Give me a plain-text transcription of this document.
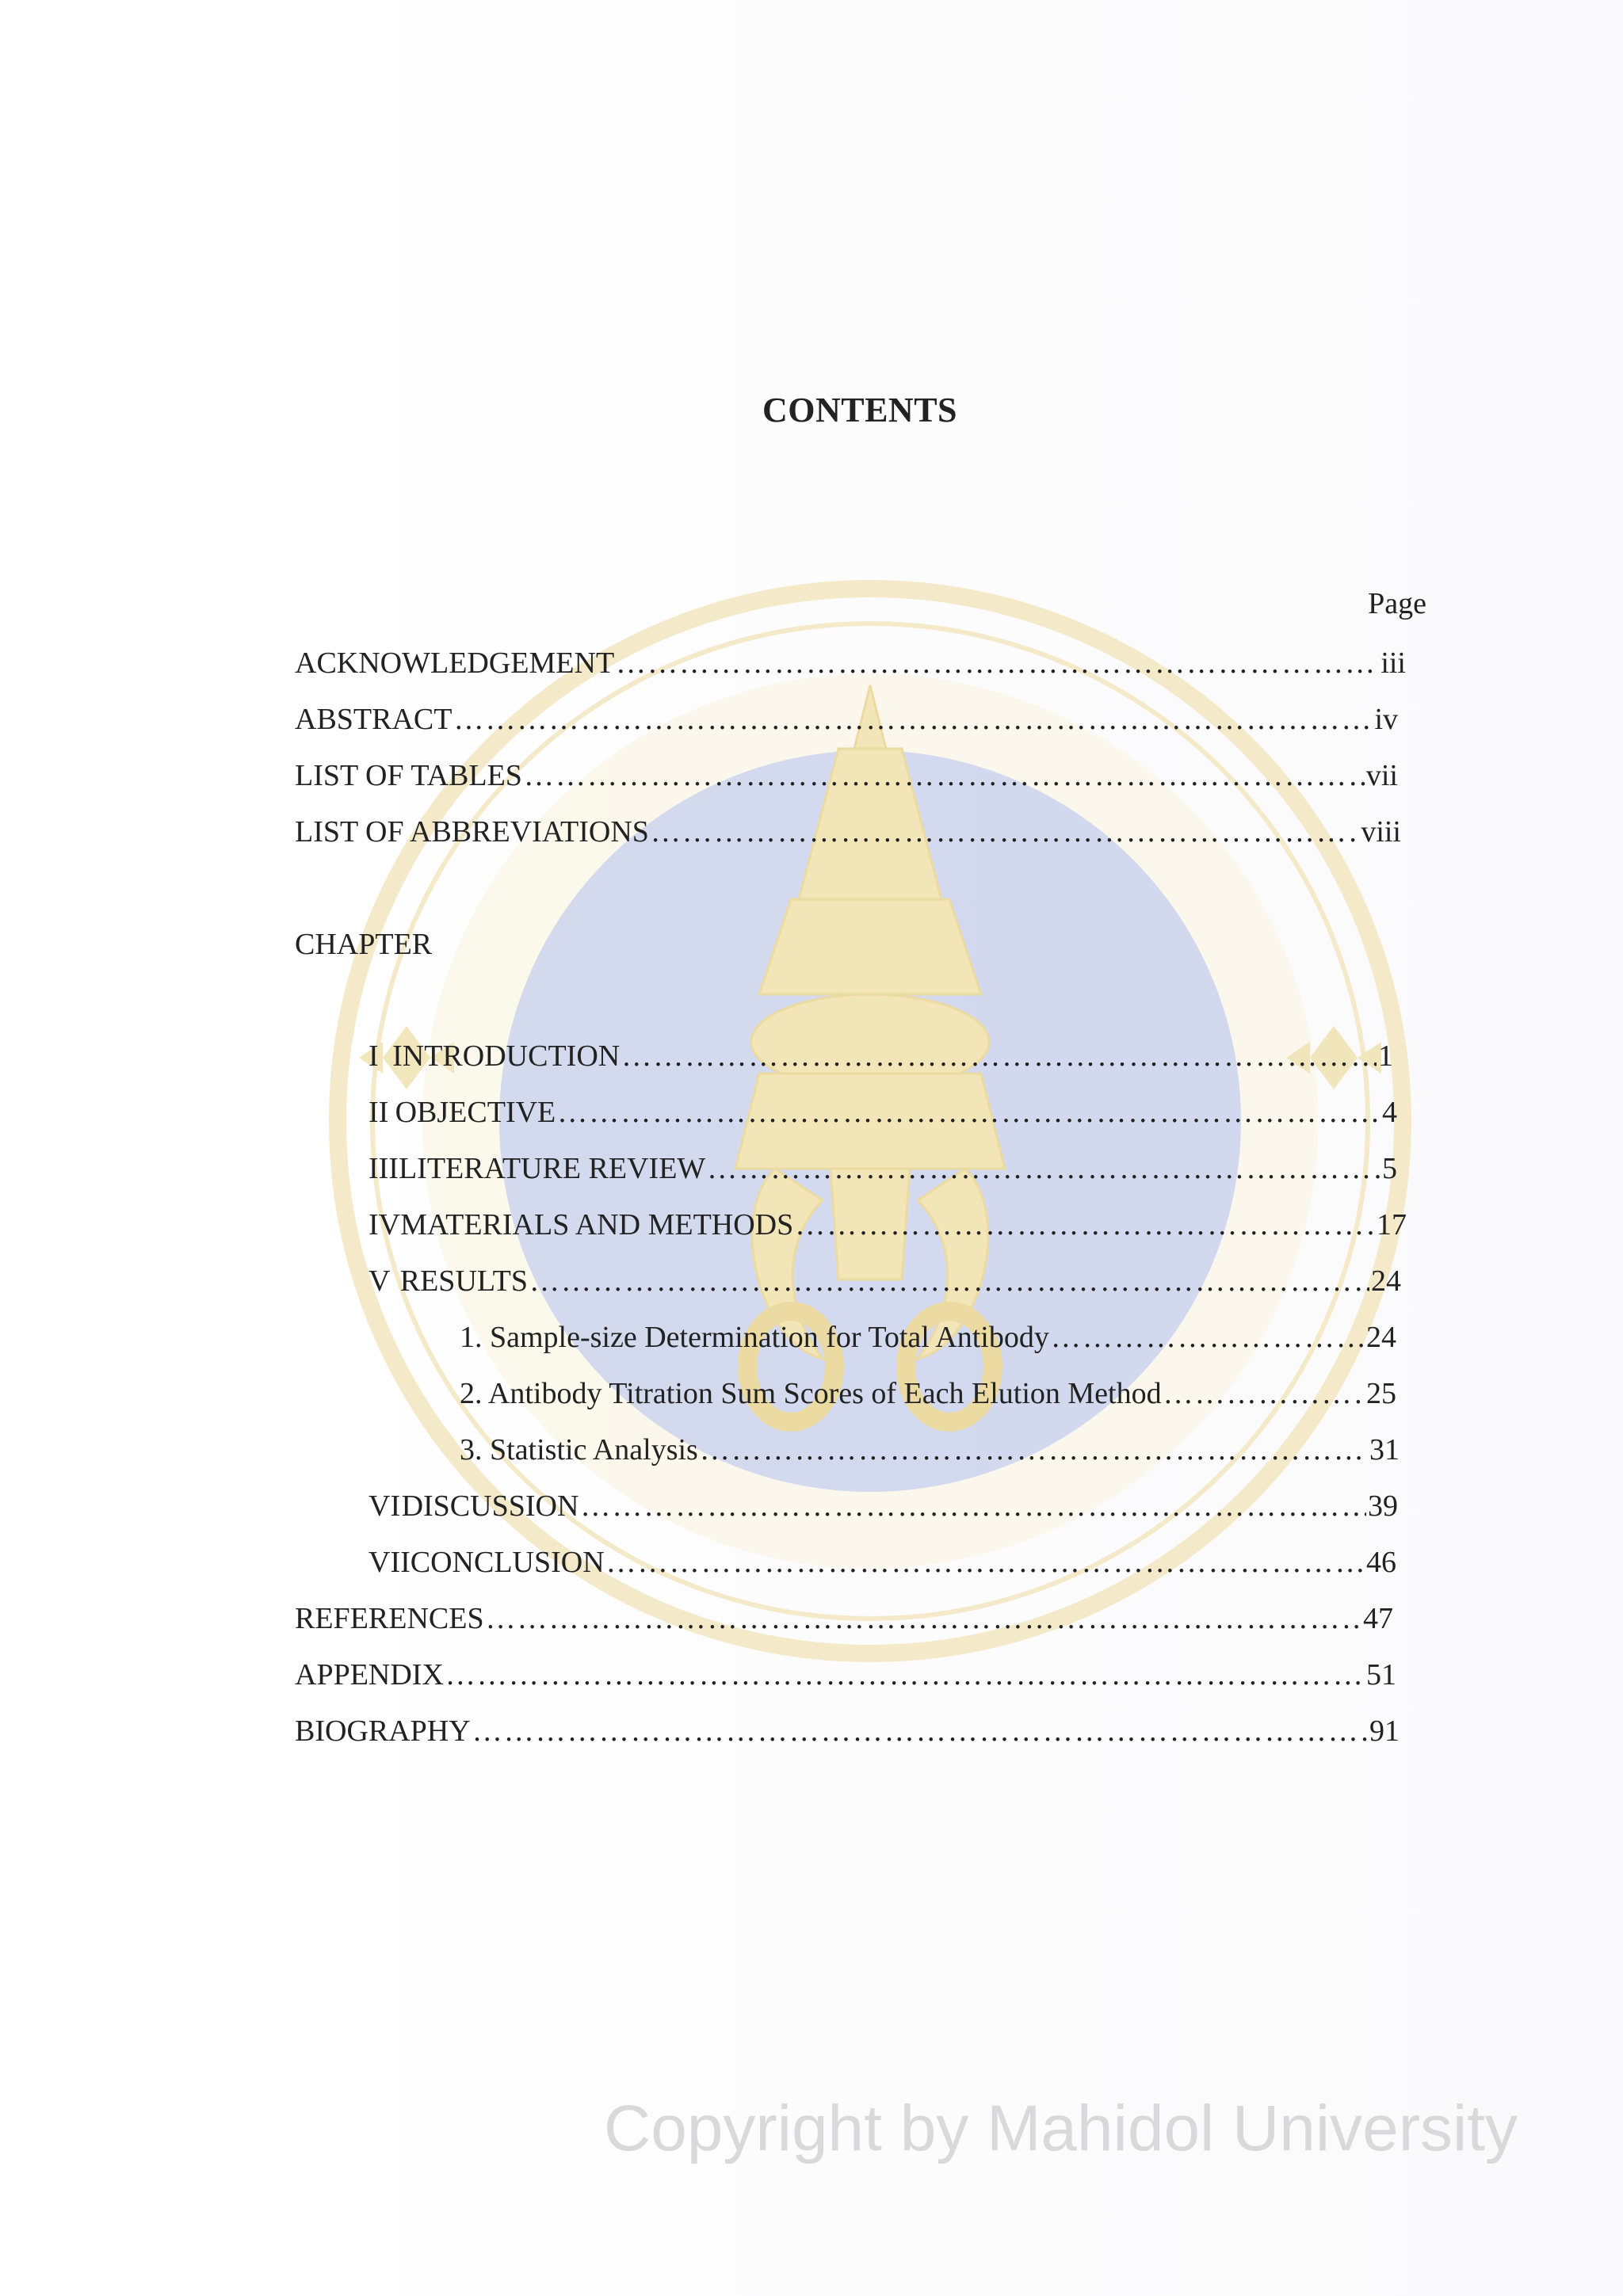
CONTENTS
Page
ACKNOWLEDGEMENT ……………………………………………………………………………………………………………………………………………………………………………………	iii
ABSTRACT ……………………………………………………………………………………………………………………………………………………………………………………	iv
LIST OF TABLES ……………………………………………………………………………………………………………………………………………………………………………………	vii
LIST OF ABBREVIATIONS ……………………………………………………………………………………………………………………………………………………………………………………	viii
CHAPTER
I INTRODUCTION ……………………………………………………………………………………………………………………………………………………………………………………	1
II OBJECTIVE ……………………………………………………………………………………………………………………………………………………………………………………	4
III LITERATURE REVIEW ……………………………………………………………………………………………………………………………………………………………………………………	5
IV MATERIALS AND METHODS ……………………………………………………………………………………………………………………………………………………………………………………	17
V RESULTS ……………………………………………………………………………………………………………………………………………………………………………………	24
1. Sample-size Determination for Total Antibody ……………………………………………………………………………………………………………………………………………………………………………………	24
2. Antibody Titration Sum Scores of Each Elution Method ……………………………………………………………………………………………………………………………………………………………………………………	25
3. Statistic Analysis ……………………………………………………………………………………………………………………………………………………………………………………	31
VI DISCUSSION ……………………………………………………………………………………………………………………………………………………………………………………	39
VII CONCLUSION ……………………………………………………………………………………………………………………………………………………………………………………	46
REFERENCES ……………………………………………………………………………………………………………………………………………………………………………………	47
APPENDIX ……………………………………………………………………………………………………………………………………………………………………………………	51
BIOGRAPHY ……………………………………………………………………………………………………………………………………………………………………………………	91
Copyright by Mahidol University
